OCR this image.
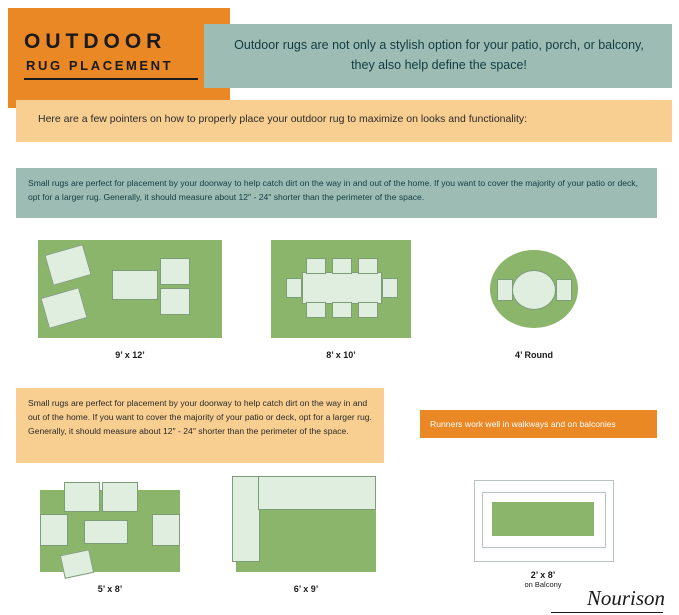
OUTDOOR
RUG PLACEMENT
Outdoor rugs are not only a stylish option for your patio, porch, or balcony, they also help define the space!
Here are a few pointers on how to properly place your outdoor rug to maximize on looks and functionality:
Small rugs are perfect for placement by your doorway to help catch dirt on the way in and out of the home. If you want to cover the majority of your patio or deck, opt for a larger rug. Generally, it should measure about 12″ - 24″ shorter than the perimeter of the space.
9’ x 12’	8’ x 10’	4’ Round
Small rugs are perfect for placement by your doorway to help catch dirt on the way in and out of the home. If you want to cover the majority of your patio or deck, opt for a larger rug. Generally, it should measure about 12″ - 24″ shorter than the perimeter of the space.
Runners work well in walkways and on balconies
5’ x 8’	6’ x 9’
2’ x 8’
on Balcony
Nourison
